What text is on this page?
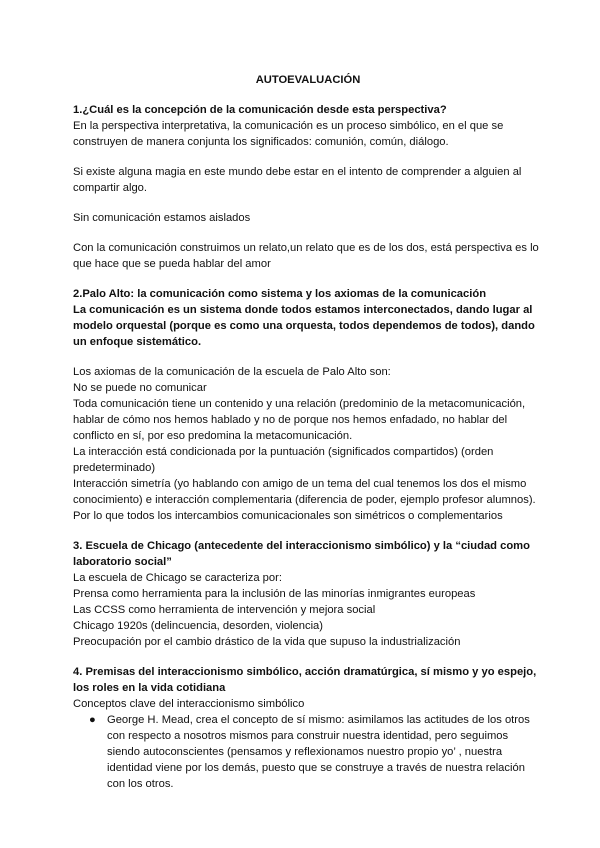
AUTOEVALUACIÓN

1.¿Cuál es la concepción de la comunicación desde esta perspectiva?

En la perspectiva interpretativa, la comunicación es un proceso simbólico, en el que se construyen de manera conjunta los significados: comunión, común, diálogo.

Si existe alguna magia en este mundo debe estar en el intento de comprender a alguien al compartir algo.

Sin comunicación estamos aislados

Con la comunicación construimos un relato,un relato que es de los dos, está perspectiva es lo que hace que se pueda hablar del amor

2.Palo Alto: la comunicación como sistema y los axiomas de la comunicación

La comunicación es un sistema donde todos estamos interconectados, dando lugar al modelo orquestal (porque es como una orquesta, todos dependemos de todos), dando un enfoque sistemático.

Los axiomas de la comunicación de la escuela de Palo Alto son:

No se puede no comunicar

Toda comunicación tiene un contenido y una relación (predominio de la metacomunicación, hablar de cómo nos hemos hablado y no de porque nos hemos enfadado, no hablar del conflicto en sí, por eso predomina la metacomunicación.

La interacción está condicionada por la puntuación (significados compartidos) (orden predeterminado)

Interacción simetría (yo hablando con amigo de un tema del cual tenemos los dos el mismo conocimiento) e interacción complementaria (diferencia de poder, ejemplo profesor alumnos). Por lo que todos los intercambios comunicacionales son simétricos o complementarios

3. Escuela de Chicago (antecedente del interaccionismo simbólico) y la “ciudad como laboratorio social”

La escuela de Chicago se caracteriza por:

Prensa como herramienta para la inclusión de las minorías inmigrantes europeas

Las CCSS como herramienta de intervención y mejora social

Chicago 1920s (delincuencia, desorden, violencia)

Preocupación por el cambio drástico de la vida que supuso la industrialización

4. Premisas del interaccionismo simbólico, acción dramatúrgica, sí mismo y yo espejo, los roles en la vida cotidiana

Conceptos clave del interaccionismo simbólico

● George H. Mead, crea el concepto de sí mismo: asimilamos las actitudes de los otros con respecto a nosotros mismos para construir nuestra identidad, pero seguimos siendo autoconscientes (pensamos y reflexionamos nuestro propio yo’ , nuestra identidad viene por los demás, puesto que se construye a través de nuestra relación con los otros.
